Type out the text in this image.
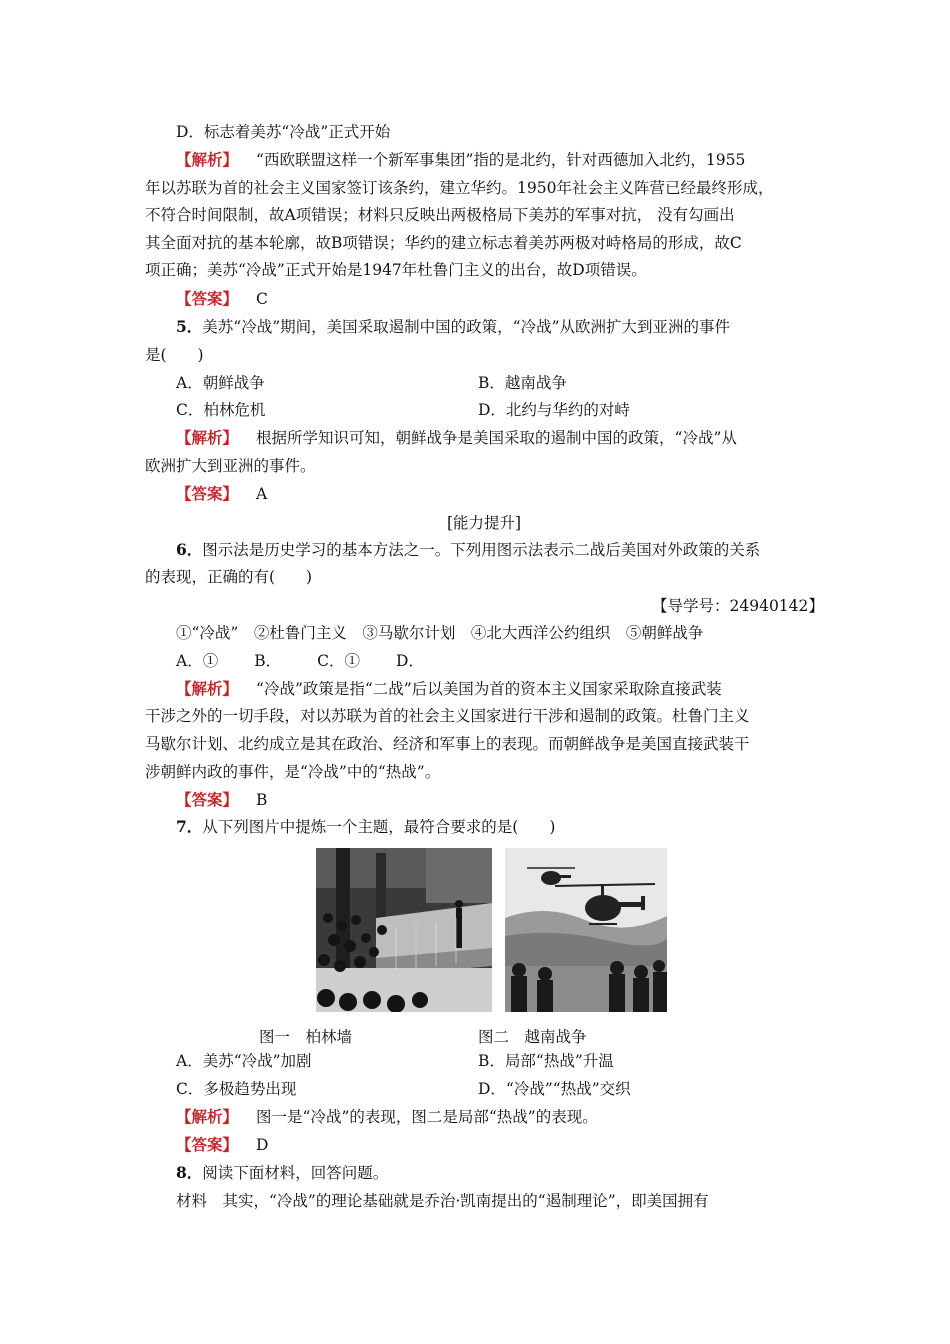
D．标志着美苏“冷战”正式开始
【解析】 “西欧联盟这样一个新军事集团”指的是北约，针对西德加入北约，1955
年以苏联为首的社会主义国家签订该条约，建立华约。1950年社会主义阵营已经最终形成，
不符合时间限制，故A项错误；材料只反映出两极格局下美苏的军事对抗， 没有勾画出
其全面对抗的基本轮廓，故B项错误；华约的建立标志着美苏两极对峙格局的形成，故C
项正确；美苏“冷战”正式开始是1947年杜鲁门主义的出台，故D项错误。
【答案】 C
5．美苏“冷战”期间，美国采取遏制中国的政策，“冷战”从欧洲扩大到亚洲的事件
是(　　)
A．朝鲜战争	B．越南战争
C．柏林危机	D．北约与华约的对峙
【解析】 根据所学知识可知，朝鲜战争是美国采取的遏制中国的政策，“冷战”从
欧洲扩大到亚洲的事件。
【答案】 A
[能力提升]
6．图示法是历史学习的基本方法之一。下列用图示法表示二战后美国对外政策的关系
的表现，正确的有(　　)
【导学号：24940142】
①“冷战”　②杜鲁门主义　③马歇尔计划　④北大西洋公约组织　⑤朝鲜战争
A．① B． C．① D．
【解析】 “冷战”政策是指“二战”后以美国为首的资本主义国家采取除直接武装
干涉之外的一切手段，对以苏联为首的社会主义国家进行干涉和遏制的政策。杜鲁门主义
马歇尔计划、北约成立是其在政治、经济和军事上的表现。而朝鲜战争是美国直接武装干
涉朝鲜内政的事件，是“冷战”中的“热战”。
【答案】 B
7．从下列图片中提炼一个主题，最符合要求的是(　　)
图一　柏林墙	图二　越南战争
A．美苏“冷战”加剧	B．局部“热战”升温
C．多极趋势出现	D．“冷战”“热战”交织
【解析】 图一是“冷战”的表现，图二是局部“热战”的表现。
【答案】 D
8．阅读下面材料，回答问题。
材料　其实，“冷战”的理论基础就是乔治·凯南提出的“遏制理论”，即美国拥有
